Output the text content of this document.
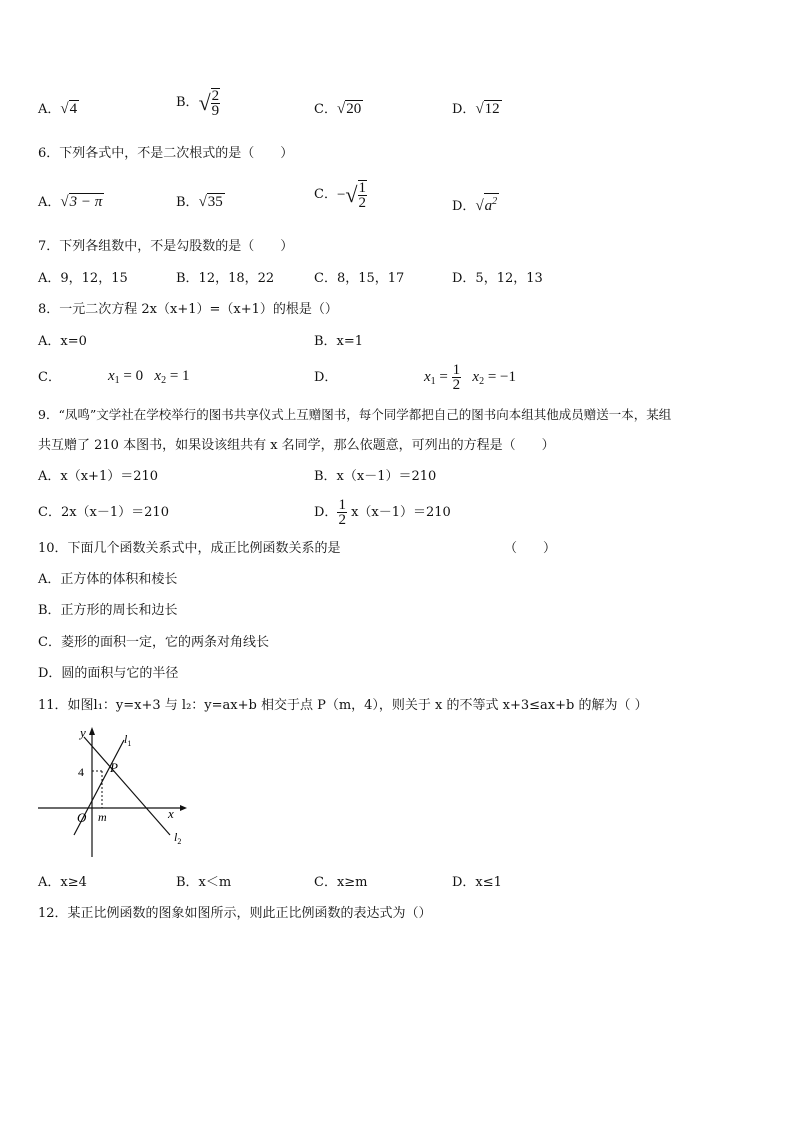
A．√4	B．√ $\frac{2}{9}$	C．√20	D．√12
6．下列各式中，不是二次根式的是（　　）
A．√3 − π	B．√35	C．−√ $\frac{1}{2}$	D．$√a^2$
7．下列各组数中，不是勾股数的是（　　）
A．9，12，15	B．12，18，22	C．8，15，17	D．5，12，13
8．一元二次方程 2x（x+1）=（x+1）的根是（）
A．x=0	B．x=1
C．	$x_1 = 0$ $x_2 = 1$	D．	$x_1 = \frac{1}{2} x_2 = -1$
9．“凤鸣”文学社在学校举行的图书共享仪式上互赠图书，每个同学都把自己的图书向本组其他成员赠送一本，某组
共互赠了 210 本图书，如果设该组共有 x 名同学，那么依题意，可列出的方程是（　　）
A．x（x+1）＝210	B．x（x－1）＝210
C．2x（x－1）＝210	D． $\frac{1}{2} x(x-1)=210$
10．下面几个函数关系式中，成正比例函数关系的是	（　　）
A．正方体的体积和棱长
B．正方形的周长和边长
C．菱形的面积一定，它的两条对角线长
D．圆的面积与它的半径
11．如图l₁：y=x+3 与 l₂：y=ax+b 相交于点 P（m，4），则关于 x 的不等式 x+3≤ax+b 的解为（ ）
y
x
O m
4 P
$l_1$
$l_2$
A．x≥4	B．x＜m	C．x≥m	D．x≤1
12．某正比例函数的图象如图所示，则此正比例函数的表达式为（）
